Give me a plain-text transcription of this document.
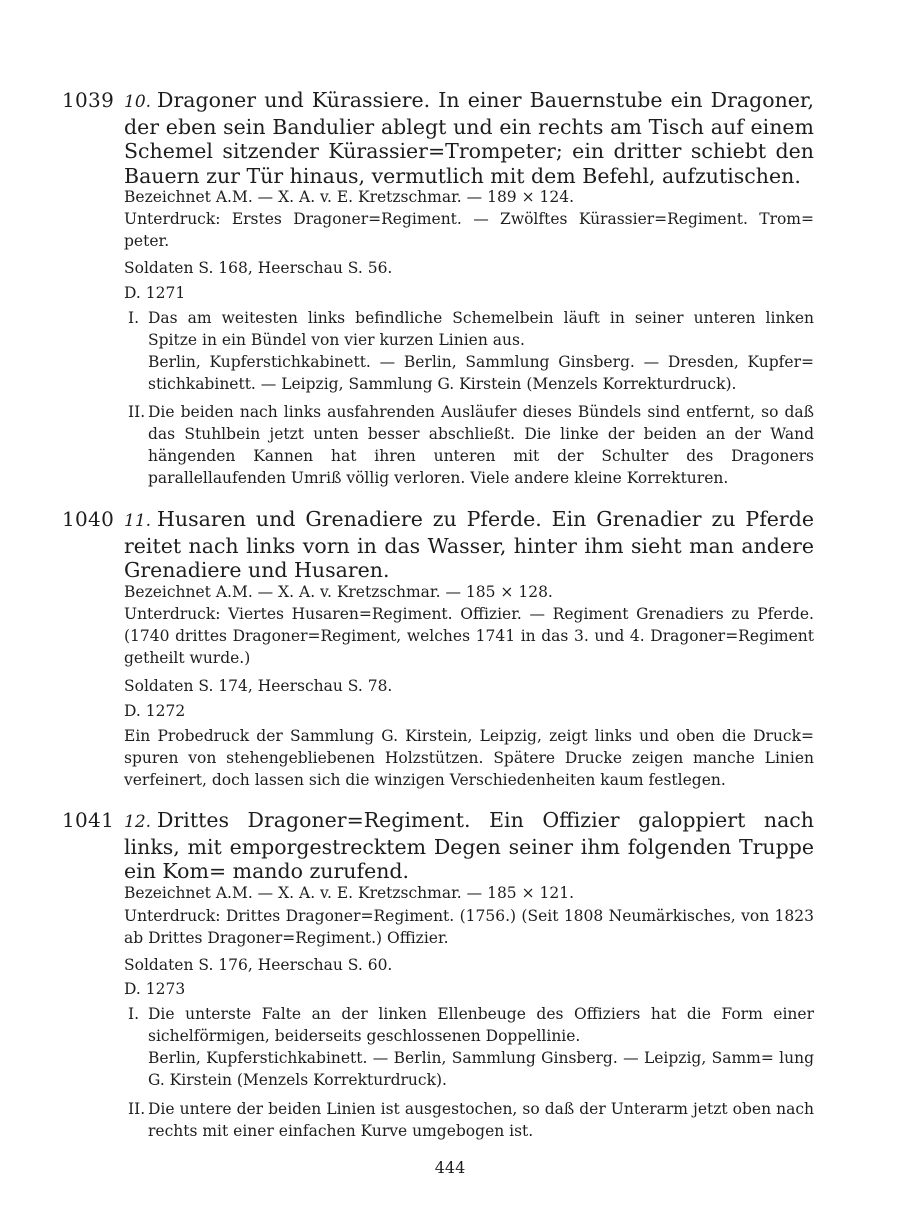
1039 10. Dragoner und Kürassiere. In einer Bauernstube ein Dragoner, der eben sein Bandulier ablegt und ein rechts am Tisch auf einem Schemel sitzender Kürassier=Trompeter; ein dritter schiebt den Bauern zur Tür hinaus, vermutlich mit dem Befehl, aufzutischen.
Bezeichnet A.M. — X. A. v. E. Kretzschmar. — 189 × 124.
Unterdruck: Erstes Dragoner=Regiment. — Zwölftes Kürassier=Regiment. Trom= peter.
Soldaten S. 168, Heerschau S. 56.
D. 1271
I. Das am weitesten links befindliche Schemelbein läuft in seiner unteren linken Spitze in ein Bündel von vier kurzen Linien aus.
Berlin, Kupferstichkabinett. — Berlin, Sammlung Ginsberg. — Dresden, Kupfer= stichkabinett. — Leipzig, Sammlung G. Kirstein (Menzels Korrekturdruck).
II. Die beiden nach links ausfahrenden Ausläufer dieses Bündels sind entfernt, so daß das Stuhlbein jetzt unten besser abschließt. Die linke der beiden an der Wand hängenden Kannen hat ihren unteren mit der Schulter des Dragoners parallellaufenden Umriß völlig verloren. Viele andere kleine Korrekturen.
1040 11. Husaren und Grenadiere zu Pferde. Ein Grenadier zu Pferde reitet nach links vorn in das Wasser, hinter ihm sieht man andere Grenadiere und Husaren.
Bezeichnet A.M. — X. A. v. Kretzschmar. — 185 × 128.
Unterdruck: Viertes Husaren=Regiment. Offizier. — Regiment Grenadiers zu Pferde. (1740 drittes Dragoner=Regiment, welches 1741 in das 3. und 4. Dragoner=Regiment getheilt wurde.)
Soldaten S. 174, Heerschau S. 78.
D. 1272
Ein Probedruck der Sammlung G. Kirstein, Leipzig, zeigt links und oben die Druck= spuren von stehengebliebenen Holzstützen. Spätere Drucke zeigen manche Linien verfeinert, doch lassen sich die winzigen Verschiedenheiten kaum festlegen.
1041 12. Drittes Dragoner=Regiment. Ein Offizier galoppiert nach links, mit emporgestrecktem Degen seiner ihm folgenden Truppe ein Kom= mando zurufend.
Bezeichnet A.M. — X. A. v. E. Kretzschmar. — 185 × 121.
Unterdruck: Drittes Dragoner=Regiment. (1756.) (Seit 1808 Neumärkisches, von 1823 ab Drittes Dragoner=Regiment.) Offizier.
Soldaten S. 176, Heerschau S. 60.
D. 1273
I. Die unterste Falte an der linken Ellenbeuge des Offiziers hat die Form einer sichelförmigen, beiderseits geschlossenen Doppellinie.
Berlin, Kupferstichkabinett. — Berlin, Sammlung Ginsberg. — Leipzig, Samm= lung G. Kirstein (Menzels Korrekturdruck).
II. Die untere der beiden Linien ist ausgestochen, so daß der Unterarm jetzt oben nach rechts mit einer einfachen Kurve umgebogen ist.
444
